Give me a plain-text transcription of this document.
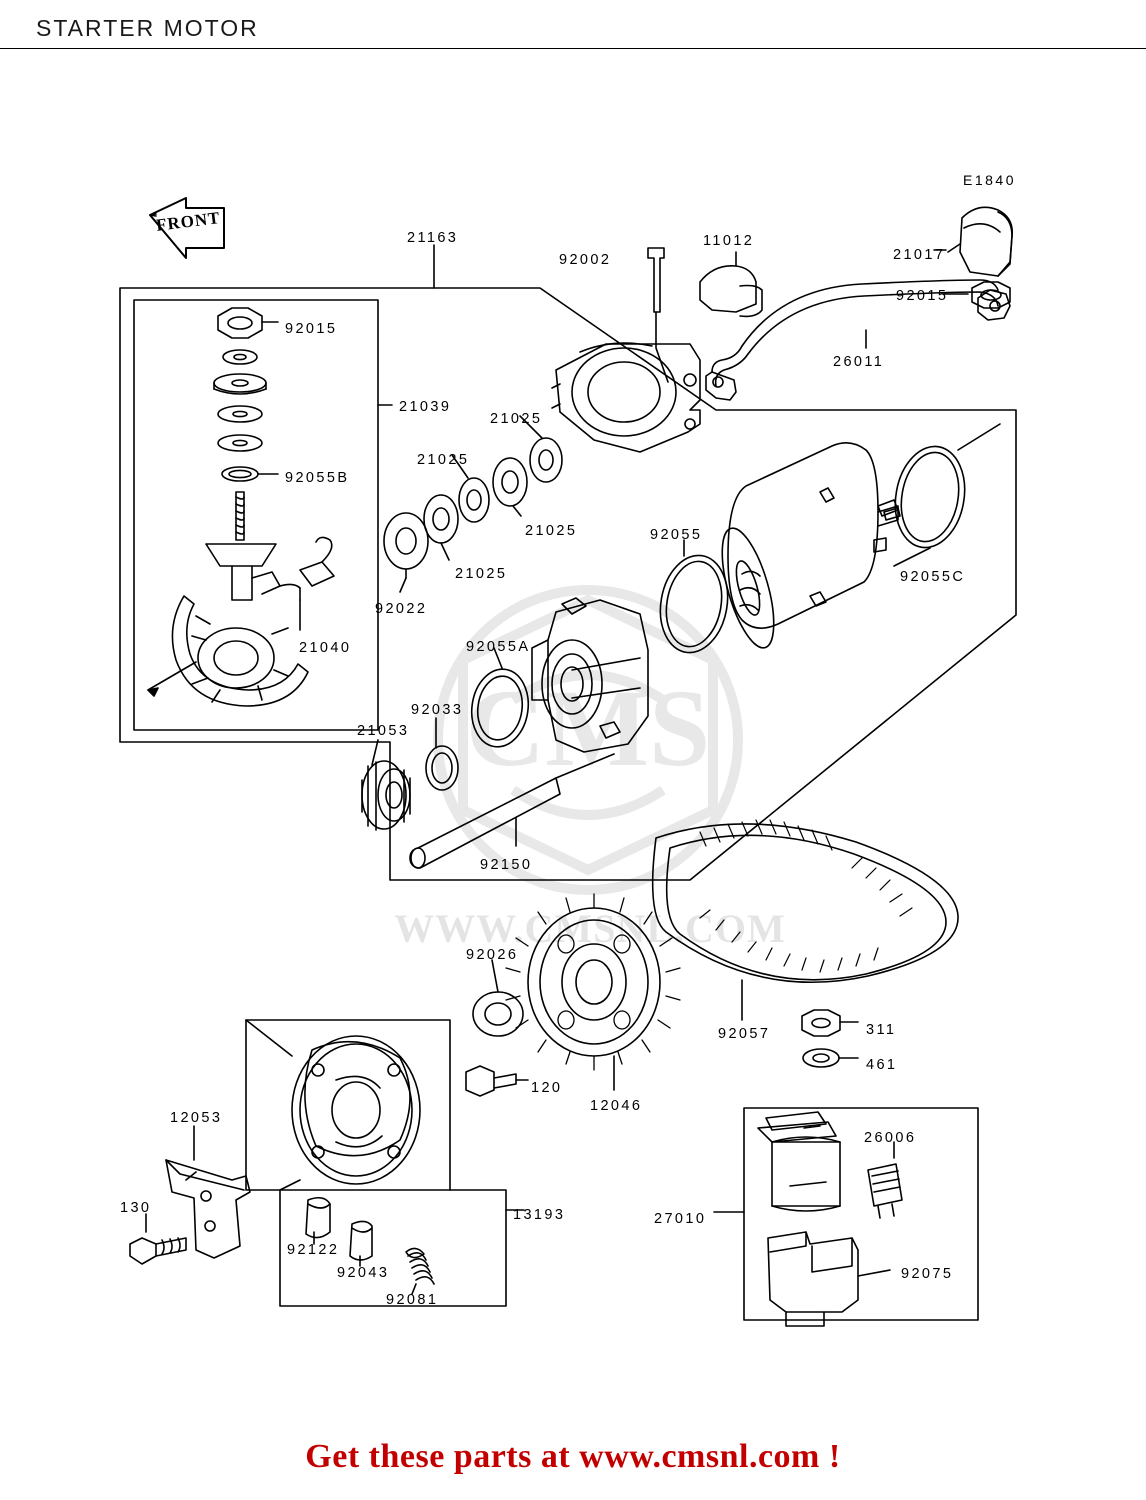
STARTER MOTOR
E1840
CMS
WWW.CMSNL.COM
FRONT
21163
92002
11012
21017
92015
26011
92015
21039
92055B
21025
21025
21025
21025
92022
21040
92055
92055C
92055A
92033
21053
92150
92026
92057	311
461
12046
120
12053
130
92122
92043
92081
13193
26006
27010
92075
Get these parts at www.cmsnl.com !
